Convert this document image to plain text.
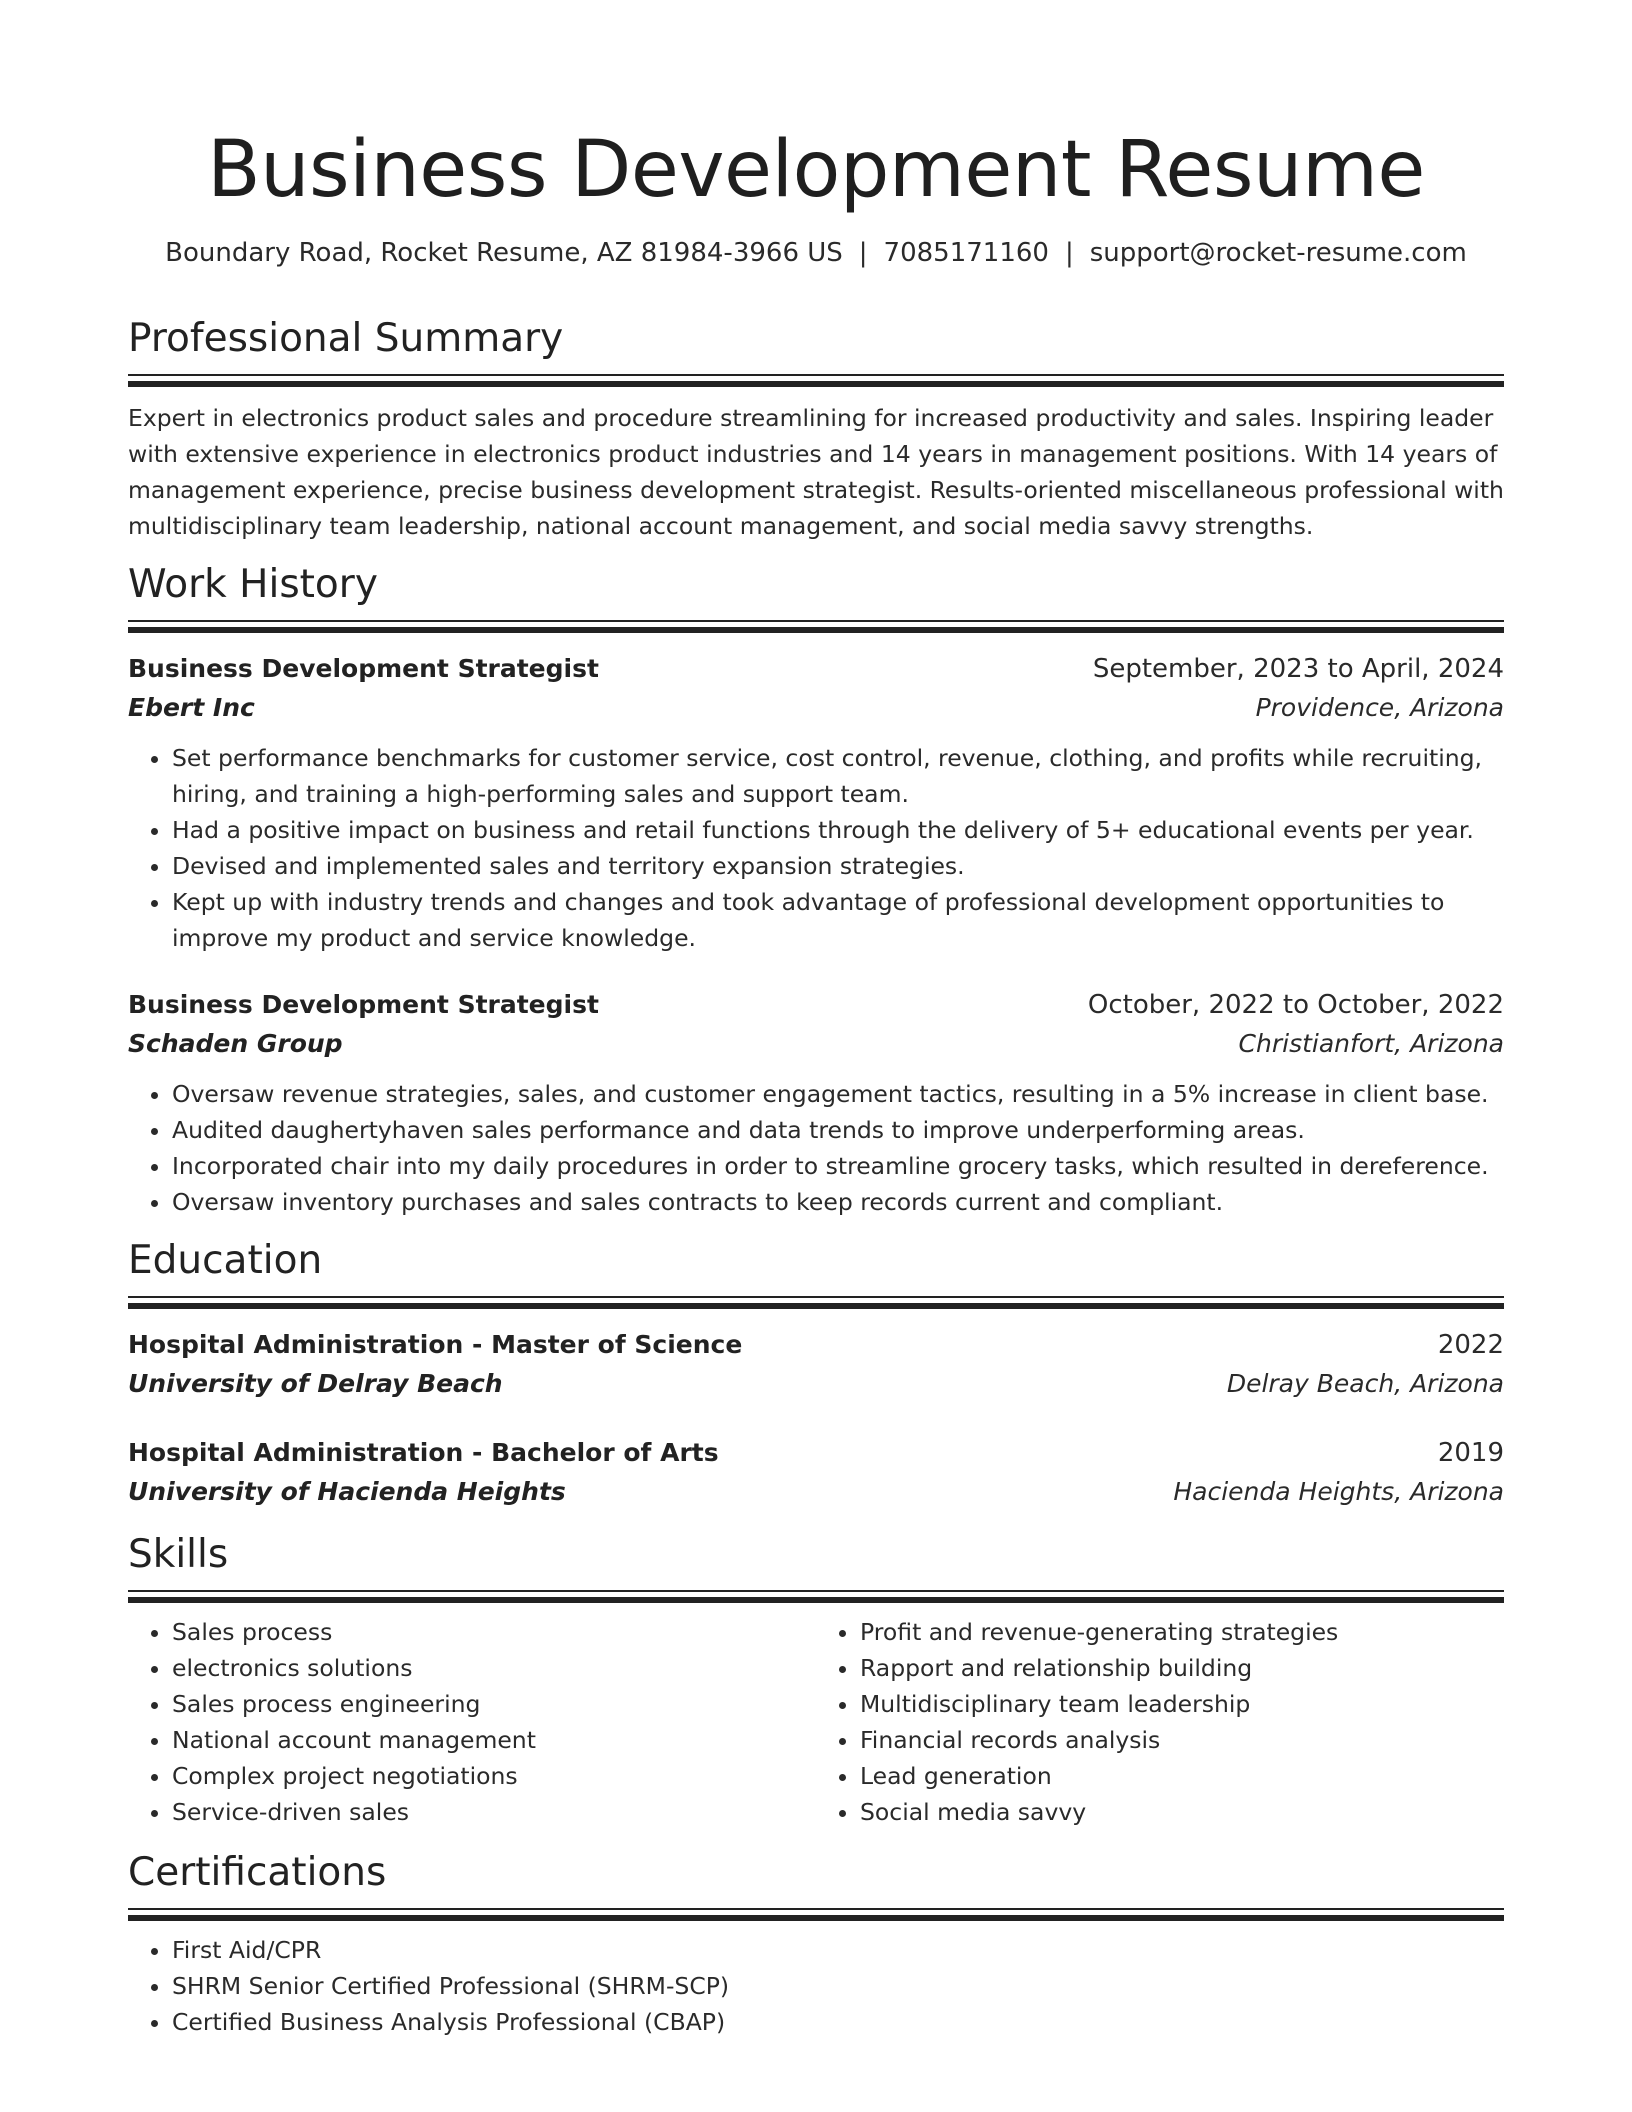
Business Development Resume
Boundary Road, Rocket Resume, AZ 81984-3966 US | 7085171160 | support@rocket-resume.com
Professional Summary

Expert in electronics product sales and procedure streamlining for increased productivity and sales. Inspiring leader with extensive experience in electronics product industries and 14 years in management positions. With 14 years of management experience, precise business development strategist. Results-oriented miscellaneous professional with multidisciplinary team leadership, national account management, and social media savvy strengths.

Work History
Business Development Strategist	September, 2023 to April, 2024
Ebert Inc	Providence, Arizona
• Set performance benchmarks for customer service, cost control, revenue, clothing, and profits while recruiting, hiring, and training a high-performing sales and support team.
• Had a positive impact on business and retail functions through the delivery of 5+ educational events per year.
• Devised and implemented sales and territory expansion strategies.
• Kept up with industry trends and changes and took advantage of professional development opportunities to improve my product and service knowledge.
Business Development Strategist	October, 2022 to October, 2022
Schaden Group	Christianfort, Arizona
• Oversaw revenue strategies, sales, and customer engagement tactics, resulting in a 5% increase in client base.
• Audited daughertyhaven sales performance and data trends to improve underperforming areas.
• Incorporated chair into my daily procedures in order to streamline grocery tasks, which resulted in dereference.
• Oversaw inventory purchases and sales contracts to keep records current and compliant.
Education
Hospital Administration - Master of Science	2022
University of Delray Beach	Delray Beach, Arizona
Hospital Administration - Bachelor of Arts	2019
University of Hacienda Heights	Hacienda Heights, Arizona
Skills
• Sales process
• electronics solutions
• Sales process engineering
• National account management
• Complex project negotiations
• Service-driven sales
• Profit and revenue-generating strategies
• Rapport and relationship building
• Multidisciplinary team leadership
• Financial records analysis
• Lead generation
• Social media savvy
Certifications
• First Aid/CPR
• SHRM Senior Certified Professional (SHRM-SCP)
• Certified Business Analysis Professional (CBAP)
